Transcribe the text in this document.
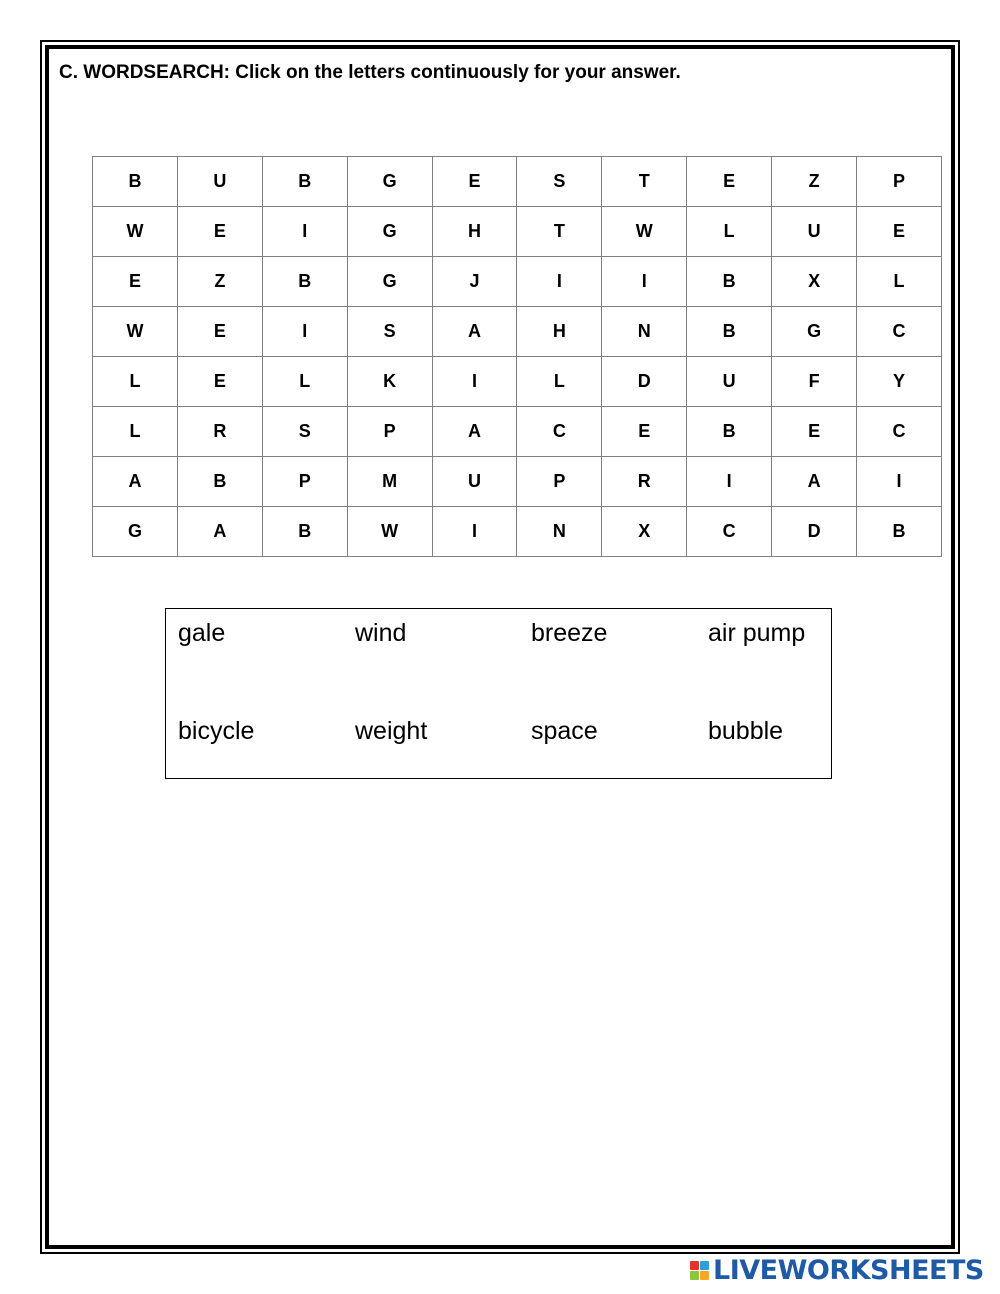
C. WORDSEARCH: Click on the letters continuously for your answer.
B	U	B	G	E	S	T	E	Z	P
W	E	I	G	H	T	W	L	U	E
E	Z	B	G	J	I	I	B	X	L
W	E	I	S	A	H	N	B	G	C
L	E	L	K	I	L	D	U	F	Y
L	R	S	P	A	C	E	B	E	C
A	B	P	M	U	P	R	I	A	I
G	A	B	W	I	N	X	C	D	B
gale	wind	breeze	air pump
bicycle	weight	space	bubble
LIVEWORKSHEETS
